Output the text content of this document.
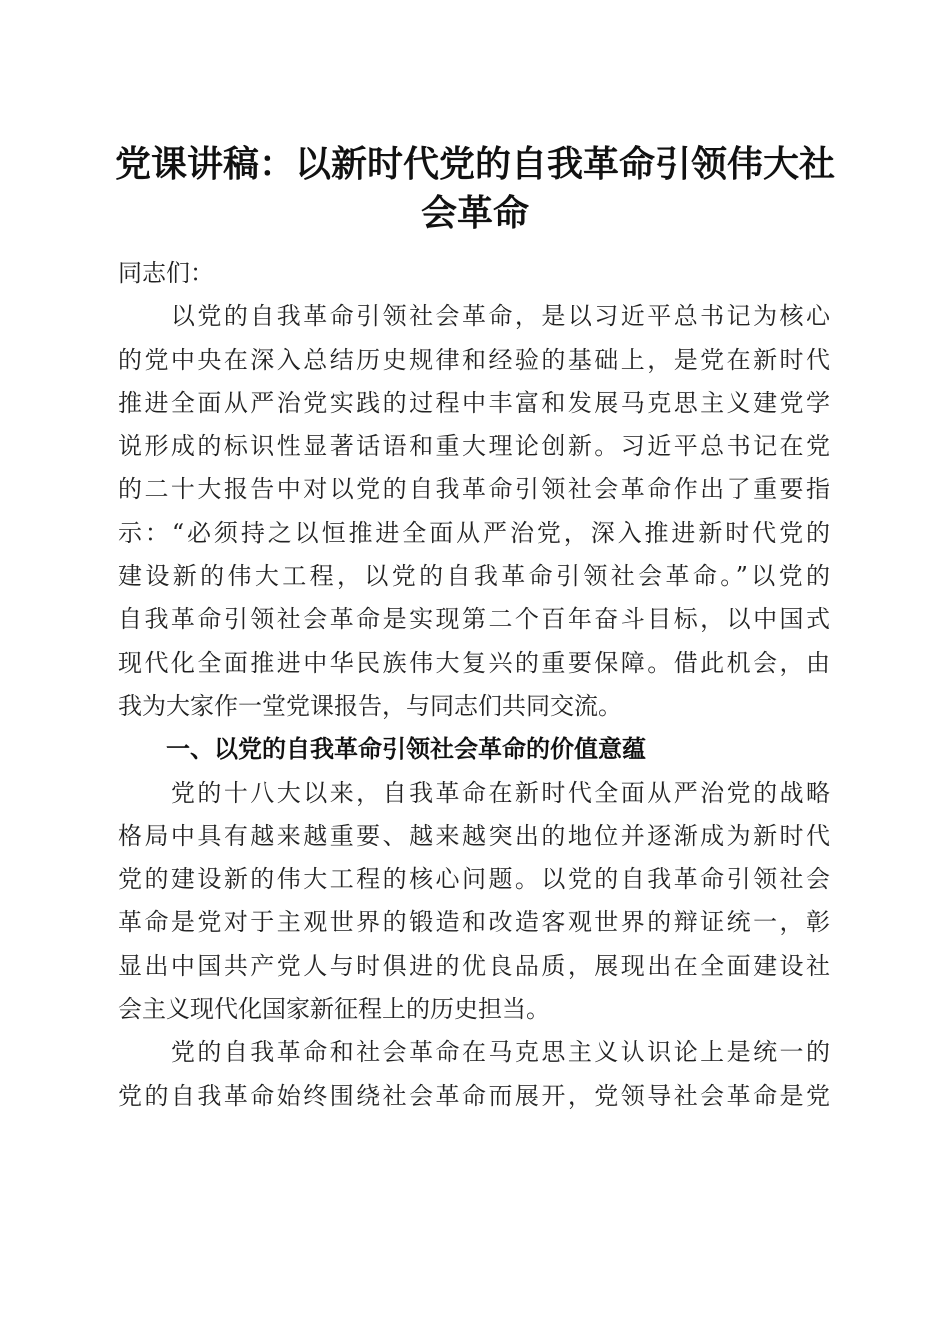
党课讲稿：以新时代党的自我革命引领伟大社
会革命

同志们：

　　以党的自我革命引领社会革命，是以习近平总书记为核心

的党中央在深入总结历史规律和经验的基础上，是党在新时代

推进全面从严治党实践的过程中丰富和发展马克思主义建党学

说形成的标识性显著话语和重大理论创新。习近平总书记在党

的二十大报告中对以党的自我革命引领社会革命作出了重要指

示：“必须持之以恒推进全面从严治党，深入推进新时代党的

建设新的伟大工程，以党的自我革命引领社会革命。”以党的

自我革命引领社会革命是实现第二个百年奋斗目标，以中国式

现代化全面推进中华民族伟大复兴的重要保障。借此机会，由

我为大家作一堂党课报告，与同志们共同交流。

　　一、以党的自我革命引领社会革命的价值意蕴

　　党的十八大以来，自我革命在新时代全面从严治党的战略

格局中具有越来越重要、越来越突出的地位并逐渐成为新时代

党的建设新的伟大工程的核心问题。以党的自我革命引领社会

革命是党对于主观世界的锻造和改造客观世界的辩证统一，彰

显出中国共产党人与时俱进的优良品质，展现出在全面建设社

会主义现代化国家新征程上的历史担当。

　　党的自我革命和社会革命在马克思主义认识论上是统一的

党的自我革命始终围绕社会革命而展开，党领导社会革命是党
